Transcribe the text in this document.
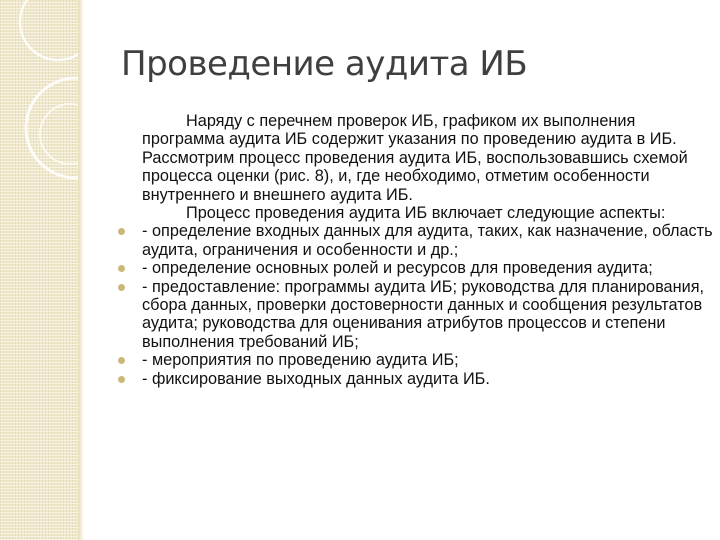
Проведение аудита ИБ

Наряду с перечнем проверок ИБ, графиком их выполнения программа аудита ИБ содержит указания по проведению аудита в ИБ. Рассмотрим процесс проведения аудита ИБ, воспользовавшись схемой процесса оценки (рис. 8), и, где необходимо, отметим особенности внутреннего и внешнего аудита ИБ.

Процесс проведения аудита ИБ включает следующие аспекты:

- определение входных данных для аудита, таких, как назначение, область аудита, ограничения и особенности и др.;
- определение основных ролей и ресурсов для проведения аудита;
- предоставление: программы аудита ИБ; руководства для планирования, сбора данных, проверки достоверности данных и сообщения результатов аудита; руководства для оценивания атрибутов процессов и степени выполнения требований ИБ;
- мероприятия по проведению аудита ИБ;
- фиксирование выходных данных аудита ИБ.
